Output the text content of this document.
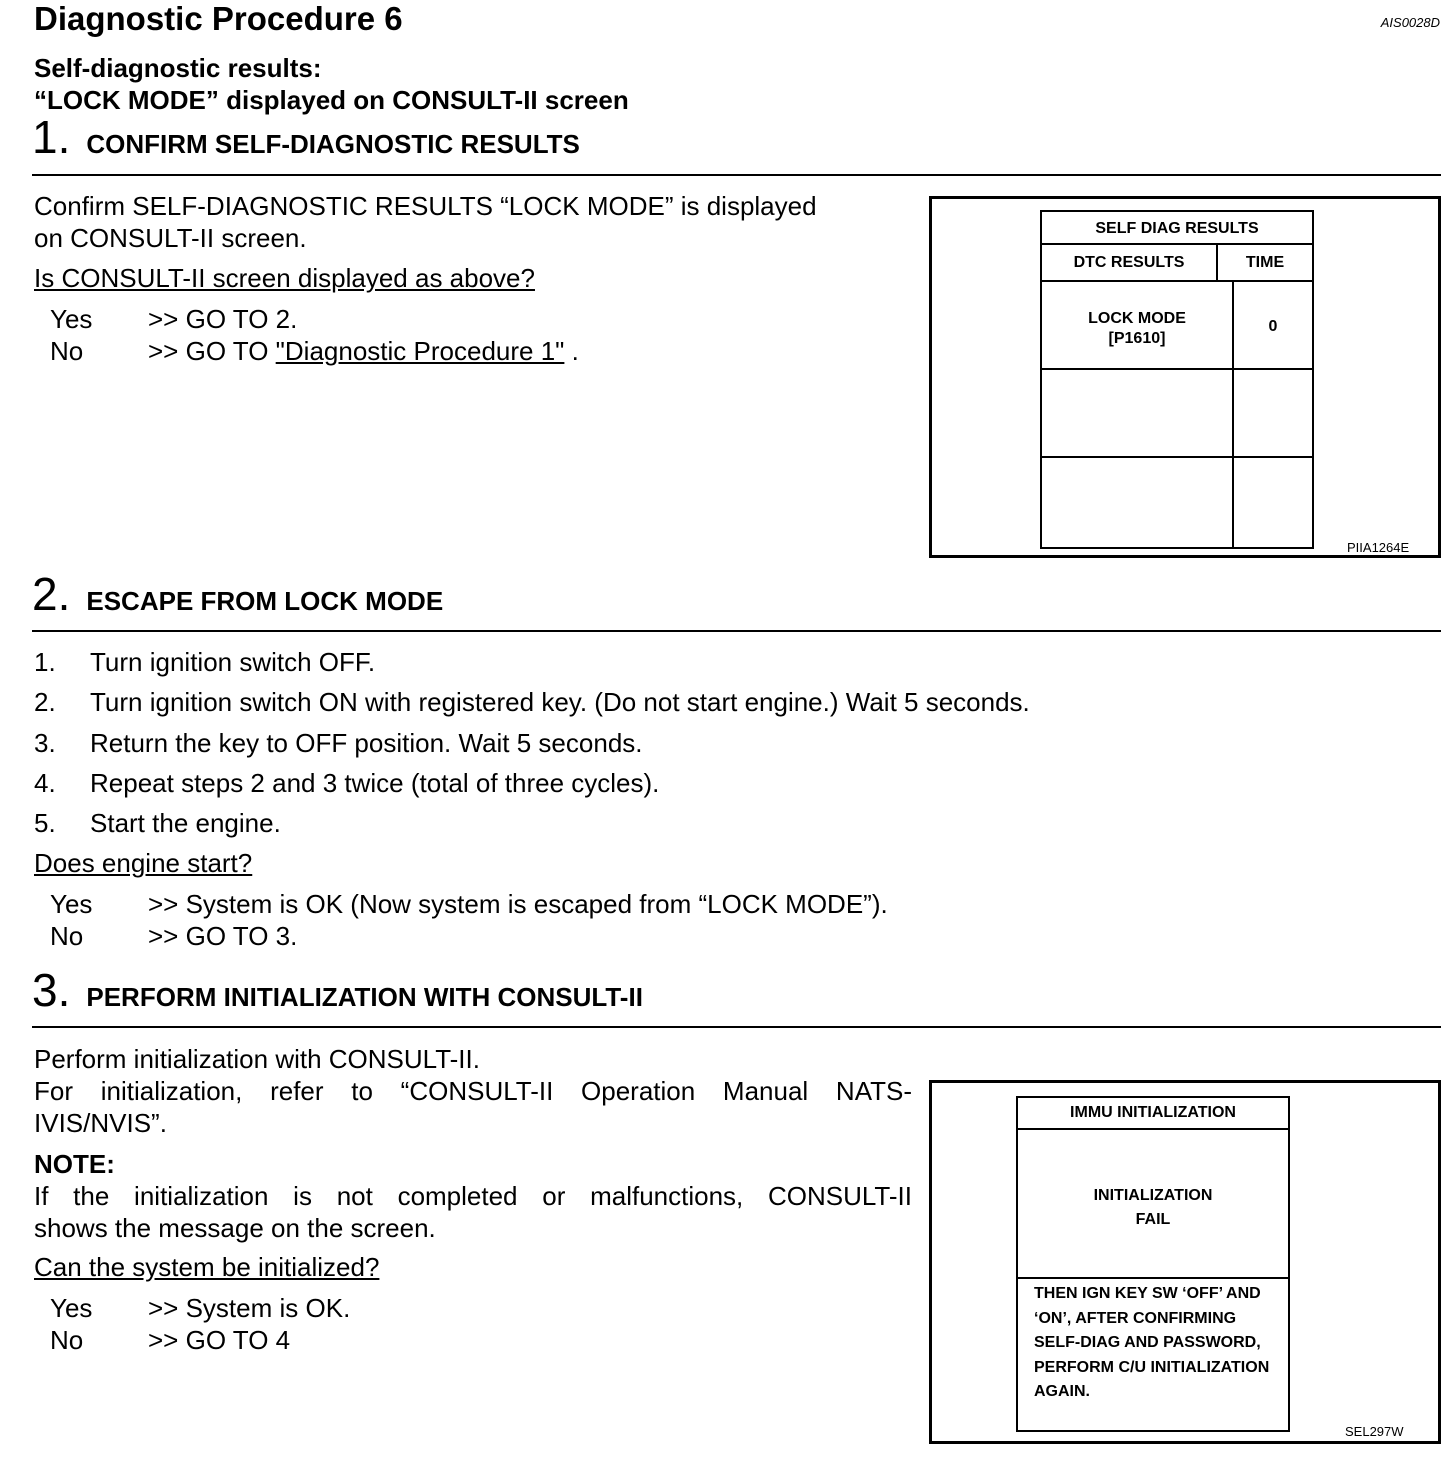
Diagnostic Procedure 6	AIS0028D
Self-diagnostic results:
“LOCK MODE” displayed on CONSULT-II screen
1 . CONFIRM SELF-DIAGNOSTIC RESULTS
Confirm SELF-DIAGNOSTIC RESULTS “LOCK MODE” is displayed
on CONSULT-II screen.
Is CONSULT-II screen displayed as above?
Yes >> GO TO 2.
No >> GO TO "Diagnostic Procedure 1" .
SELF DIAG RESULTS
DTC RESULTS	TIME
LOCK MODE
[P1610]
0
PIIA1264E
2 . ESCAPE FROM LOCK MODE
1. Turn ignition switch OFF.
2. Turn ignition switch ON with registered key. (Do not start engine.) Wait 5 seconds.
3. Return the key to OFF position. Wait 5 seconds.
4. Repeat steps 2 and 3 twice (total of three cycles).
5. Start the engine.
Does engine start?
Yes >> System is OK (Now system is escaped from “LOCK MODE”).
No >> GO TO 3.
3 . PERFORM INITIALIZATION WITH CONSULT-II
Perform initialization with CONSULT-II.
For initialization, refer to “CONSULT-II Operation Manual NATS-
IVIS/NVIS”.
NOTE:
If the initialization is not completed or malfunctions, CONSULT-II
shows the message on the screen.
Can the system be initialized?
Yes >> System is OK.
No >> GO TO 4
IMMU INITIALIZATION
INITIALIZATION
FAIL
THEN IGN KEY SW ‘OFF’ AND
‘ON’, AFTER CONFIRMING
SELF-DIAG AND PASSWORD,
PERFORM C/U INITIALIZATION
AGAIN.
SEL297W
